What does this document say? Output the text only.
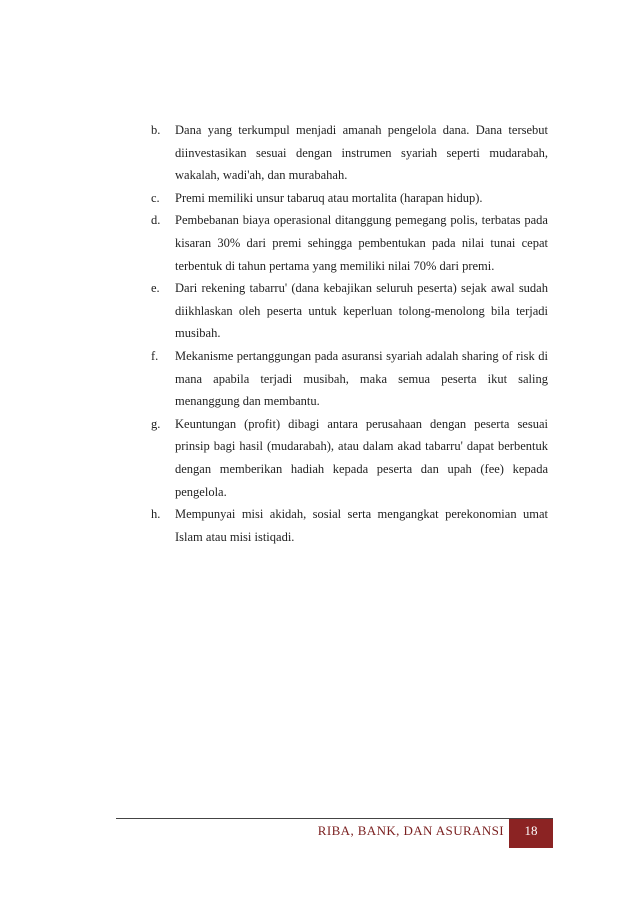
b. Dana yang terkumpul menjadi amanah pengelola dana. Dana tersebut diinvestasikan sesuai dengan instrumen syariah seperti mudarabah, wakalah, wadi'ah, dan murabahah.
c. Premi memiliki unsur tabaruq atau mortalita (harapan hidup).
d. Pembebanan biaya operasional ditanggung pemegang polis, terbatas pada kisaran 30% dari premi sehingga pembentukan pada nilai tunai cepat terbentuk di tahun pertama yang memiliki nilai 70% dari premi.
e. Dari rekening tabarru' (dana kebajikan seluruh peserta) sejak awal sudah diikhlaskan oleh peserta untuk keperluan tolong-menolong bila terjadi musibah.
f. Mekanisme pertanggungan pada asuransi syariah adalah sharing of risk di mana apabila terjadi musibah, maka semua peserta ikut saling menanggung dan membantu.
g. Keuntungan (profit) dibagi antara perusahaan dengan peserta sesuai prinsip bagi hasil (mudarabah), atau dalam akad tabarru' dapat berbentuk dengan memberikan hadiah kepada peserta dan upah (fee) kepada pengelola.
h. Mempunyai misi akidah, sosial serta mengangkat perekonomian umat Islam atau misi istiqadi.
RIBA, BANK, DAN ASURANSI 18
